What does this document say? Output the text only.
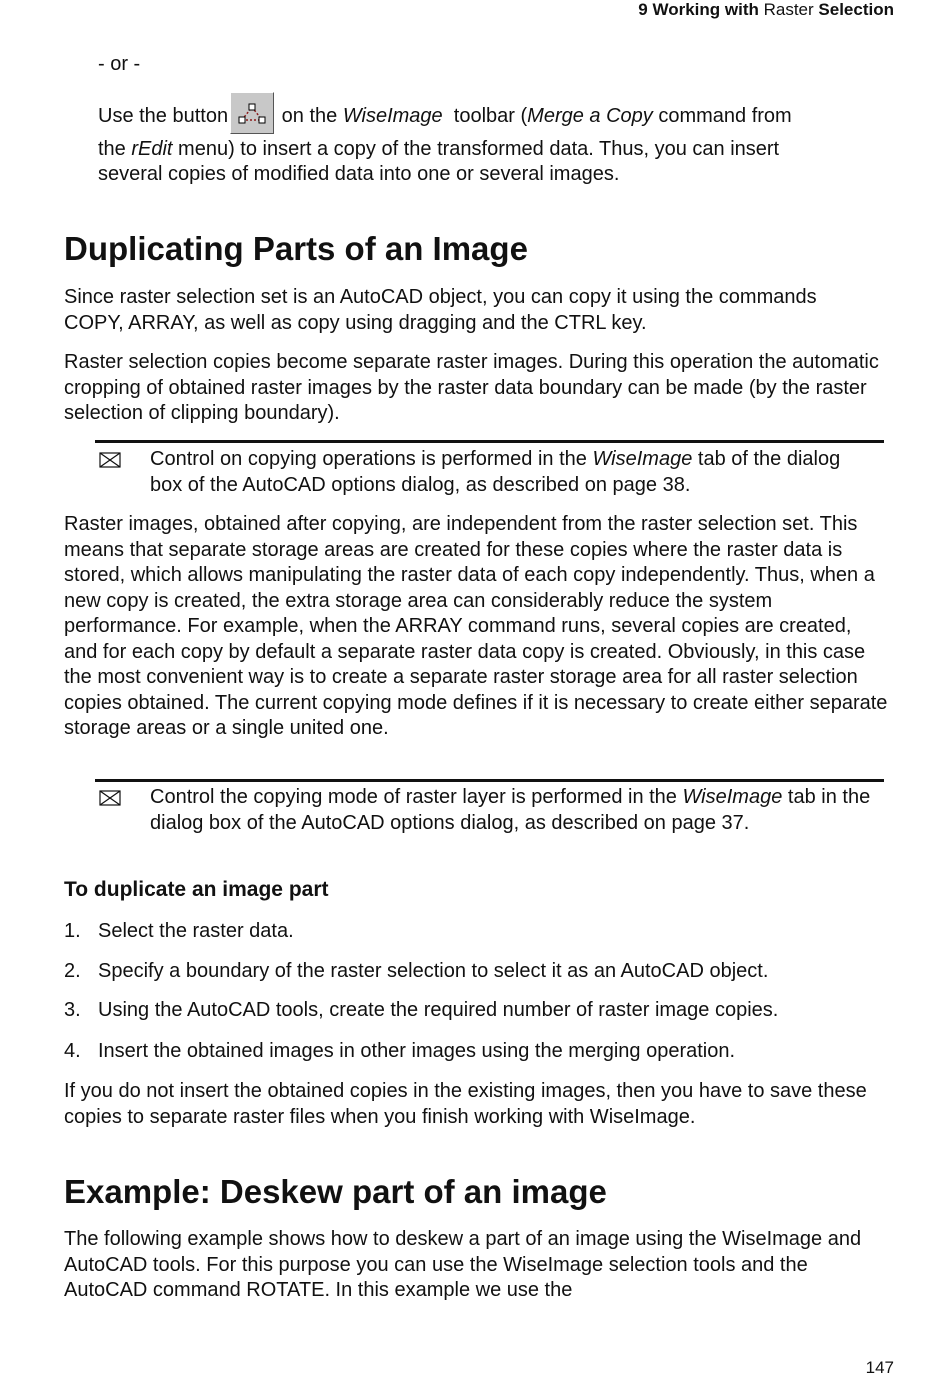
9 Working with Raster Selection
- or -
Use the button
on the WiseImage  toolbar (Merge a Copy command from
the rEdit menu) to insert a copy of the transformed data. Thus, you can insert
several copies of modified data into one or several images.
Duplicating Parts of an Image
Since raster selection set is an AutoCAD object, you can copy it using the commands COPY, ARRAY, as well as copy using dragging and the CTRL key.
Raster selection copies become separate raster images. During this operation the automatic cropping of obtained raster images by the raster data boundary can be made (by the raster selection of clipping boundary).
Control on copying operations is performed in the WiseImage tab of the dialog box of the AutoCAD options dialog, as described on page 38.
Raster images, obtained after copying, are independent from the raster selection set. This means that separate storage areas are created for these copies where the raster data is stored, which allows manipulating the raster data of each copy independently. Thus, when a new copy is created, the extra storage area can considerably reduce the system performance. For example, when the ARRAY command runs, several copies are created, and for each copy by default a separate raster data copy is created. Obviously, in this case the most convenient way is to create a separate raster storage area for all raster selection copies obtained. The current copying mode defines if it is necessary to create either separate storage areas or a single united one.
Control the copying mode of raster layer is performed in the WiseImage tab in the dialog box of the AutoCAD options dialog, as described on page 37.
To duplicate an image part
1. Select the raster data.
2. Specify a boundary of the raster selection to select it as an AutoCAD object.
3. Using the AutoCAD tools, create the required number of raster image copies.
4. Insert the obtained images in other images using the merging operation.
If you do not insert the obtained copies in the existing images, then you have to save these copies to separate raster files when you finish working with WiseImage.
Example: Deskew part of an image
The following example shows how to deskew a part of an image using the WiseImage and AutoCAD tools. For this purpose you can use the WiseImage selection tools and the AutoCAD command ROTATE. In this example we use the
147
